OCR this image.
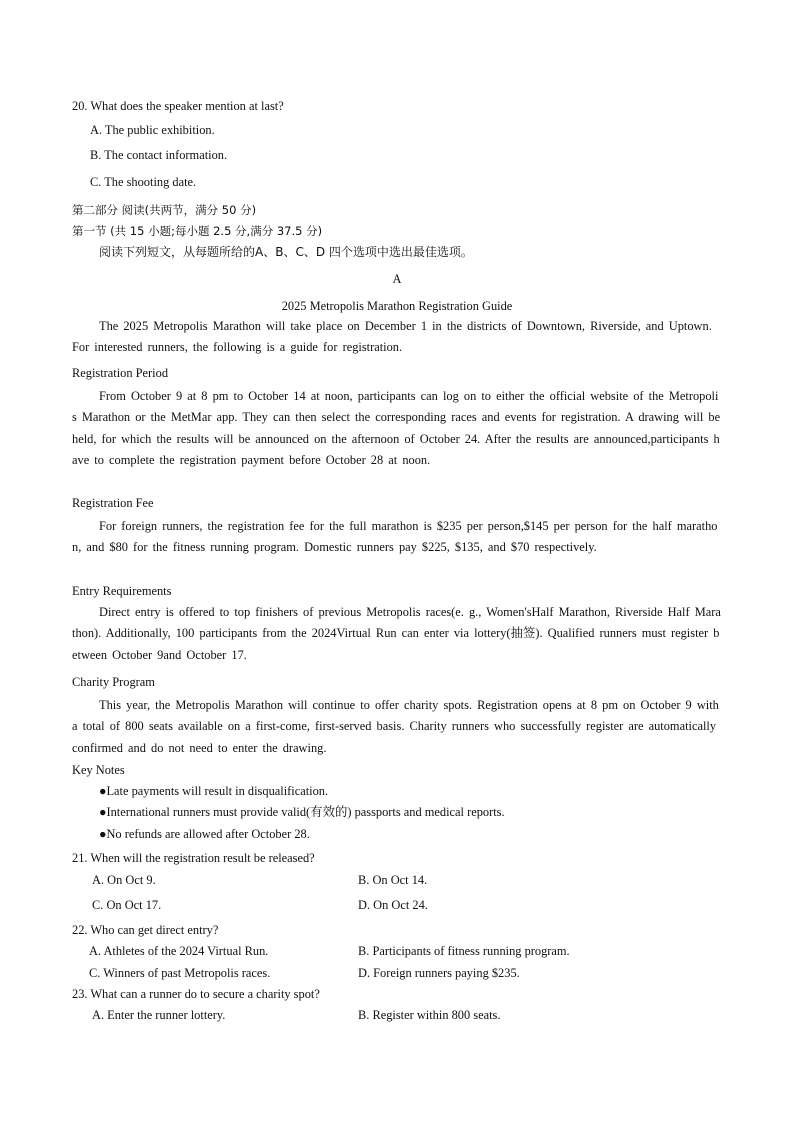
20. What does the speaker mention at last?
A. The public exhibition.
B. The contact information.
C. The shooting date.
第二部分 阅读(共两节，满分 50 分)
第一节 (共 15 小题;每小题 2.5 分,满分 37.5 分)
阅读下列短文，从每题所给的A、B、C、D 四个选项中选出最佳选项。
A
2025 Metropolis Marathon Registration Guide

The 2025 Metropolis Marathon will take place on December 1 in the districts of Downtown, Riverside, and Uptown. For interested runners, the following is a guide for registration.

Registration Period

From October 9 at 8 pm to October 14 at noon, participants can log on to either the official website of the Metropolis Marathon or the MetMar app. They can then select the corresponding races and events for registration. A drawing will be held, for which the results will be announced on the afternoon of October 24. After the results are announced,participants have to complete the registration payment before October 28 at noon.

Registration Fee

For foreign runners, the registration fee for the full marathon is $235 per person,$145 per person for the half marathon, and $80 for the fitness running program. Domestic runners pay $225, $135, and $70 respectively.

Entry Requirements

Direct entry is offered to top finishers of previous Metropolis races(e. g., Women'sHalf Marathon, Riverside Half Marathon). Additionally, 100 participants from the 2024Virtual Run can enter via lottery(抽签). Qualified runners must register between October 9and October 17.

Charity Program

This year, the Metropolis Marathon will continue to offer charity spots. Registration opens at 8 pm on October 9 with a total of 800 seats available on a first-come, first-served basis. Charity runners who successfully register are automatically confirmed and do not need to enter the drawing.

Key Notes
●Late payments will result in disqualification.
●International runners must provide valid(有效的) passports and medical reports.
●No refunds are allowed after October 28.
21. When will the registration result be released?
A. On Oct 9.	B. On Oct 14.
C. On Oct 17.	D. On Oct 24.
22. Who can get direct entry?
A. Athletes of the 2024 Virtual Run.	B. Participants of fitness running program.
C. Winners of past Metropolis races.	D. Foreign runners paying $235.
23. What can a runner do to secure a charity spot?
A. Enter the runner lottery.	B. Register within 800 seats.
